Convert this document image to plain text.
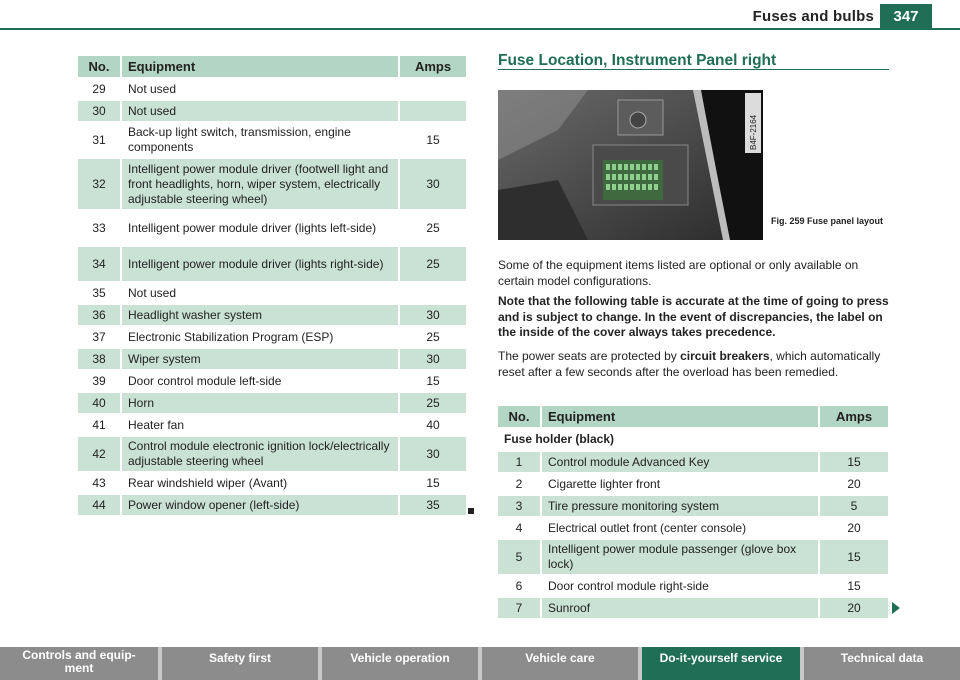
Fuses and bulbs	347
No.	Equipment	Amps
29	Not used	
30	Not used	
31	Back-up light switch, transmission, engine components	15
32	Intelligent power module driver (footwell light and front headlights, horn, wiper system, electrically adjustable steering wheel)	30
33	Intelligent power module driver (lights left-side)	25
34	Intelligent power module driver (lights right-side)	25
35	Not used	
36	Headlight washer system	30
37	Electronic Stabilization Program (ESP)	25
38	Wiper system	30
39	Door control module left-side	15
40	Horn	25
41	Heater fan	40
42	Control module electronic ignition lock/electrically adjustable steering wheel	30
43	Rear windshield wiper (Avant)	15
44	Power window opener (left-side)	35
Fuse Location, Instrument Panel right
B4F-2164
Fig. 259 Fuse panel layout
Some of the equipment items listed are optional or only available on certain model configurations.
Note that the following table is accurate at the time of going to press and is subject to change. In the event of discrepancies, the label on the inside of the cover always takes precedence.
The power seats are protected by circuit breakers, which automatically reset after a few seconds after the overload has been remedied.
No.	Equipment	Amps
Fuse holder (black)		
1	Control module Advanced Key	15
2	Cigarette lighter front	20
3	Tire pressure monitoring system	5
4	Electrical outlet front (center console)	20
5	Intelligent power module passenger (glove box lock)	15
6	Door control module right-side	15
7	Sunroof	20
Controls and equip-
ment
Safety first	Vehicle operation	Vehicle care	Do-it-yourself service	Technical data
